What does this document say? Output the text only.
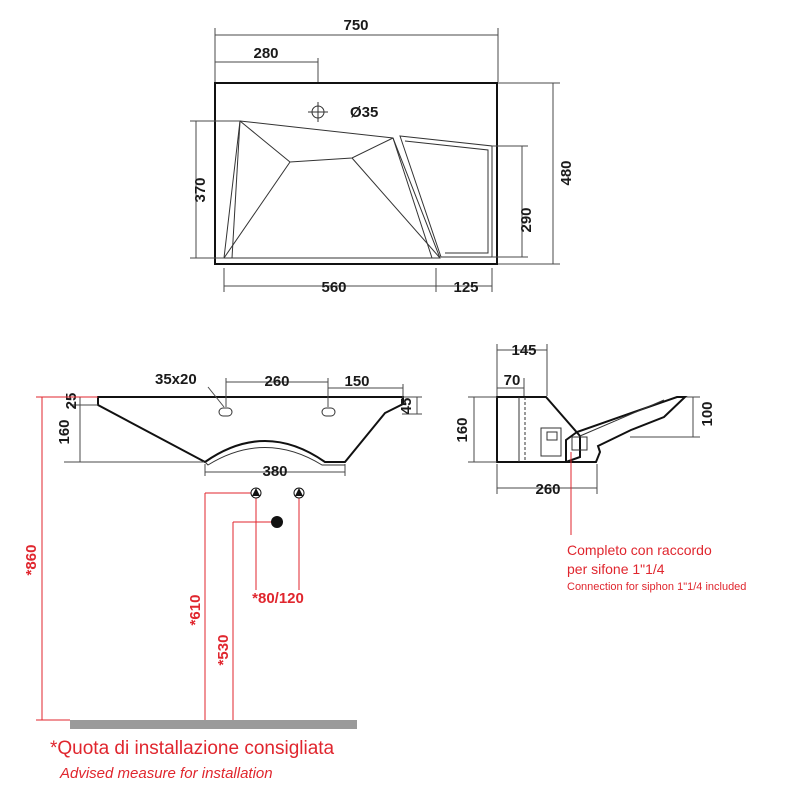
750
280
Ø35
480
370
290
560	125
35x20	260	150
45
25
160
380
*860
*610
*530
*80/120
145
70
160
100
260
Completo con raccordo
per sifone 1"1/4
Connection for siphon 1"1/4 included
*Quota di installazione consigliata
Advised measure for installation
